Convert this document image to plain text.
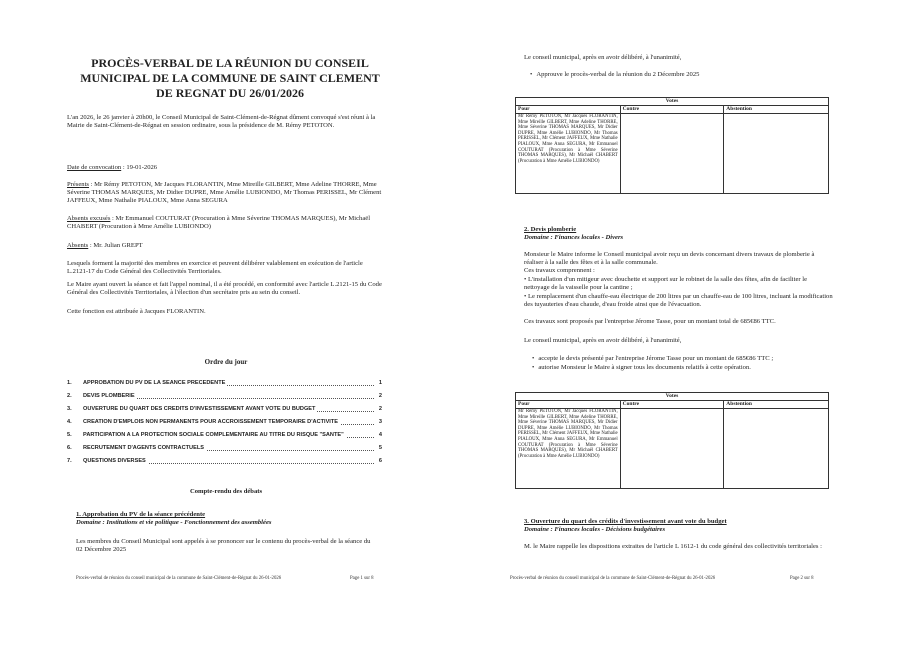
PROCÈS-VERBAL DE LA RÉUNION DU CONSEIL MUNICIPAL DE LA COMMUNE DE SAINT CLEMENT DE REGNAT DU 26/01/2026
L'an 2026, le 26 janvier à 20h00, le Conseil Municipal de Saint-Clément-de-Régnat dûment convoqué s'est réuni à la Mairie de Saint-Clément-de-Régnat en session ordinaire, sous la présidence de M. Rémy PETOTON.
Date de convocation : 19-01-2026
Présents : Mr Rémy PETOTON, Mr Jacques FLORANTIN, Mme Mireille GILBERT, Mme Adeline THORRE, Mme Séverine THOMAS MARQUES, Mr Didier DUPRE, Mme Amélie LUBIONDO, Mr Thomas PERISSEL, Mr Clément JAFFEUX, Mme Nathalie PIALOUX, Mme Anna SEGURA
Absents excusés : Mr Emmanuel COUTURAT (Procuration à Mme Séverine THOMAS MARQUES), Mr Michaël CHABERT (Procuration à Mme Amélie LUBIONDO)
Absents : Mr. Julian GREPT
Lesquels forment la majorité des membres en exercice et peuvent délibérer valablement en exécution de l'article L.2121-17 du Code Général des Collectivités Territoriales.
Le Maire ayant ouvert la séance et fait l'appel nominal, il a été procédé, en conformité avec l'article L.2121-15 du Code Général des Collectivités Territoriales, à l'élection d'un secrétaire pris au sein du conseil.
Cette fonction est attribuée à Jacques FLORANTIN.
Ordre du jour
1. APPROBATION DU PV DE LA SEANCE PRECEDENTE	1
2. DEVIS PLOMBERIE	2
3. OUVERTURE DU QUART DES CREDITS D'INVESTISSEMENT AVANT VOTE DU BUDGET	2
4. CREATION D'EMPLOIS NON PERMANENTS POUR ACCROISSEMENT TEMPORAIRE D'ACTIVITE	3
5. PARTICIPATION A LA PROTECTION SOCIALE COMPLEMENTAIRE AU TITRE DU RISQUE "SANTE"	4
6. RECRUTEMENT D'AGENTS CONTRACTUELS	5
7. QUESTIONS DIVERSES	6
Compte-rendu des débats
1. Approbation du PV de la séance précédente
Domaine : Institutions et vie politique - Fonctionnement des assemblées
Les membres du Conseil Municipal sont appelés à se prononcer sur le contenu du procès-verbal de la séance du 02 Décembre 2025
Procès-verbal de réunion du conseil municipal de la commune de Saint-Clément-de-Régnat du 26-01-2026	Page 1 sur 8
Le conseil municipal, après en avoir délibéré, à l'unanimité,
• Approuve le procès-verbal de la réunion du 2 Décembre 2025
Votes		
Pour	Contre	Abstention
Mr Rémy PETOTON, Mr Jacques FLORANTIN, Mme Mireille GILBERT, Mme Adeline THORRE, Mme Séverine THOMAS MARQUES, Mr Didier DUPRE, Mme Amélie LUBIONDO, Mr Thomas PERISSEL, Mr Clément JAFFEUX, Mme Nathalie PIALOUX, Mme Anna SEGURA, Mr Emmanuel COUTURAT (Procuration à Mme Séverine THOMAS MARQUES), Mr Michaël CHABERT (Procuration à Mme Amélie LUBIONDO)		
2. Devis plomberie
Domaine : Finances locales - Divers
Monsieur le Maire informe le Conseil municipal avoir reçu un devis concernant divers travaux de plomberie à réaliser à la salle des fêtes et à la salle communale.
Ces travaux comprennent :
• L'installation d'un mitigeur avec douchette et support sur le robinet de la salle des fêtes, afin de faciliter le nettoyage de la vaisselle pour la cantine ;
• Le remplacement d'un chauffe-eau électrique de 200 litres par un chauffe-eau de 100 litres, incluant la modification des tuyauteries d'eau chaude, d'eau froide ainsi que de l'évacuation.
Ces travaux sont proposés par l'entreprise Jérome Tasse, pour un montant total de 685€86 TTC.
Le conseil municipal, après en avoir délibéré, à l'unanimité,
• accepte le devis présenté par l'entreprise Jérome Tasse pour un montant de 685€86 TTC ;
• autorise Monsieur le Maire à signer tous les documents relatifs à cette opération.
Votes		
Pour	Contre	Abstention
Mr Rémy PETOTON, Mr Jacques FLORANTIN, Mme Mireille GILBERT, Mme Adeline THORRE, Mme Séverine THOMAS MARQUES, Mr Didier DUPRE, Mme Amélie LUBIONDO, Mr Thomas PERISSEL, Mr Clément JAFFEUX, Mme Nathalie PIALOUX, Mme Anna SEGURA, Mr Emmanuel COUTURAT (Procuration à Mme Séverine THOMAS MARQUES), Mr Michaël CHABERT (Procuration à Mme Amélie LUBIONDO)		
3. Ouverture du quart des crédits d'investissement avant vote du budget
Domaine : Finances locales - Décisions budgétaires
M. le Maire rappelle les dispositions extraites de l'article L 1612-1 du code général des collectivités territoriales :
Procès-verbal de réunion du conseil municipal de la commune de Saint-Clément-de-Régnat du 26-01-2026	Page 2 sur 8
